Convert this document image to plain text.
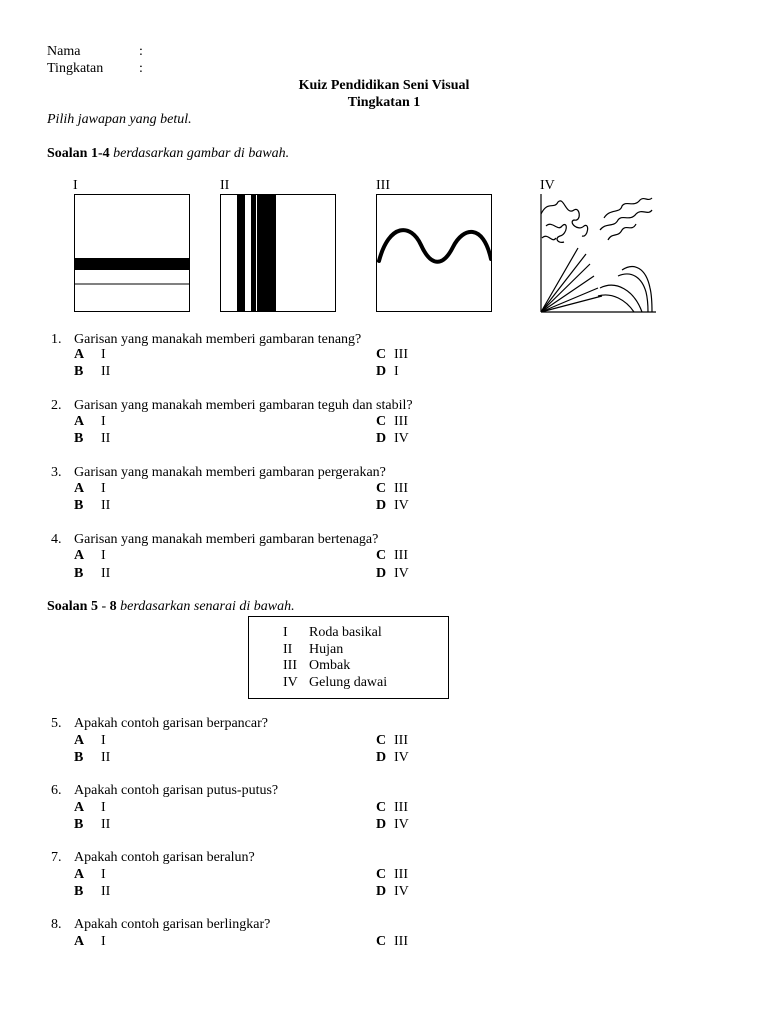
Nama	:
Tingkatan	:
Kuiz Pendidikan Seni Visual
Tingkatan 1
Pilih jawapan yang betul.
Soalan 1-4 berdasarkan gambar di bawah.
I	II	III	IV
1. Garisan yang manakah memberi gambaran tenang?
A I	C III
B II	D I
2. Garisan yang manakah memberi gambaran teguh dan stabil?
A I	C III
B II	D IV
3. Garisan yang manakah memberi gambaran pergerakan?
A I	C III
B II	D IV
4. Garisan yang manakah memberi gambaran bertenaga?
A I	C III
B II	D IV
Soalan 5 - 8 berdasarkan senarai di bawah.
I Roda basikal
II Hujan
III Ombak
IV Gelung dawai
5. Apakah contoh garisan berpancar?
A I	C III
B II	D IV
6. Apakah contoh garisan putus-putus?
A I	C III
B II	D IV
7. Apakah contoh garisan beralun?
A I	C III
B II	D IV
8. Apakah contoh garisan berlingkar?
A I	C III
